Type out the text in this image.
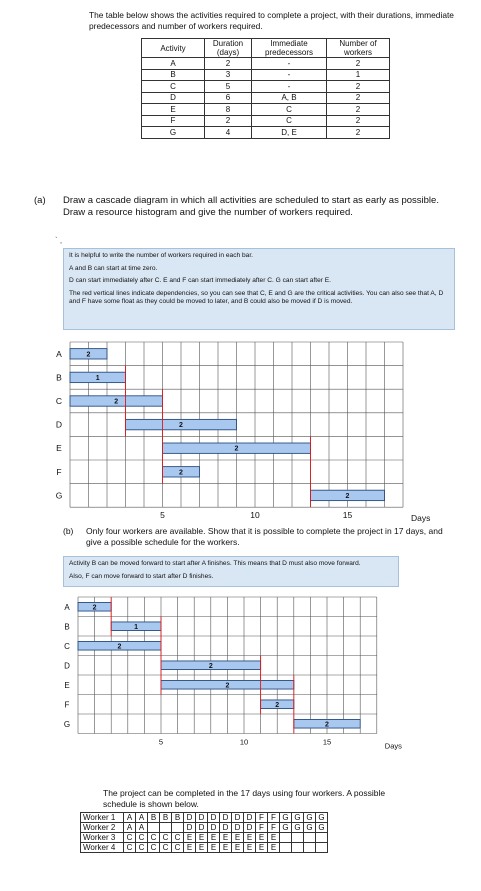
The table below shows the activities required to complete a project, with their durations, immediate predecessors and number of workers required.
Activity	Duration (days)	Immediate predecessors	Number of workers
A	2	-	2
B	3	-	1
C	5	-	2
D	6	A, B	2
E	8	C	2
F	2	C	2
G	4	D, E	2
(a) Draw a cascade diagram in which all activities are scheduled to start as early as possible. Draw a resource histogram and give the number of workers required.
` ,

It is helpful to write the number of workers required in each bar.

A and B can start at time zero.

D can start immediately after C. E and F can start immediately after C. G can start after E.

The red vertical lines indicate dependencies, so you can see that C, E and G are the critical activities. You can also see that A, D and F have some float as they could be moved to later, and B could also be moved if D is moved.

A
B
C
D
E
F
G
2
1
2
2
2
2
2
5	10	15	Days
(b) Only four workers are available. Show that it is possible to complete the project in 17 days, and give a possible schedule for the workers.

Activity B can be moved forward to start after A finishes. This means that D must also move forward.

Also, F can move forward to start after D finishes.

A
B
C
D
E
F
G
2
1
2
2
2
2
2
5	10	15	Days
The project can be completed in the 17 days using four workers. A possible schedule is shown below.
Worker 1	A	A	B	B	B	D	D	D	D	D	D	F	F	G	G	G	G
Worker 2	A	A				D	D	D	D	D	D	F	F	G	G	G	G
Worker 3	C	C	C	C	C	E	E	E	E	E	E	E	E				
Worker 4	C	C	C	C	C	E	E	E	E	E	E	E	E				
